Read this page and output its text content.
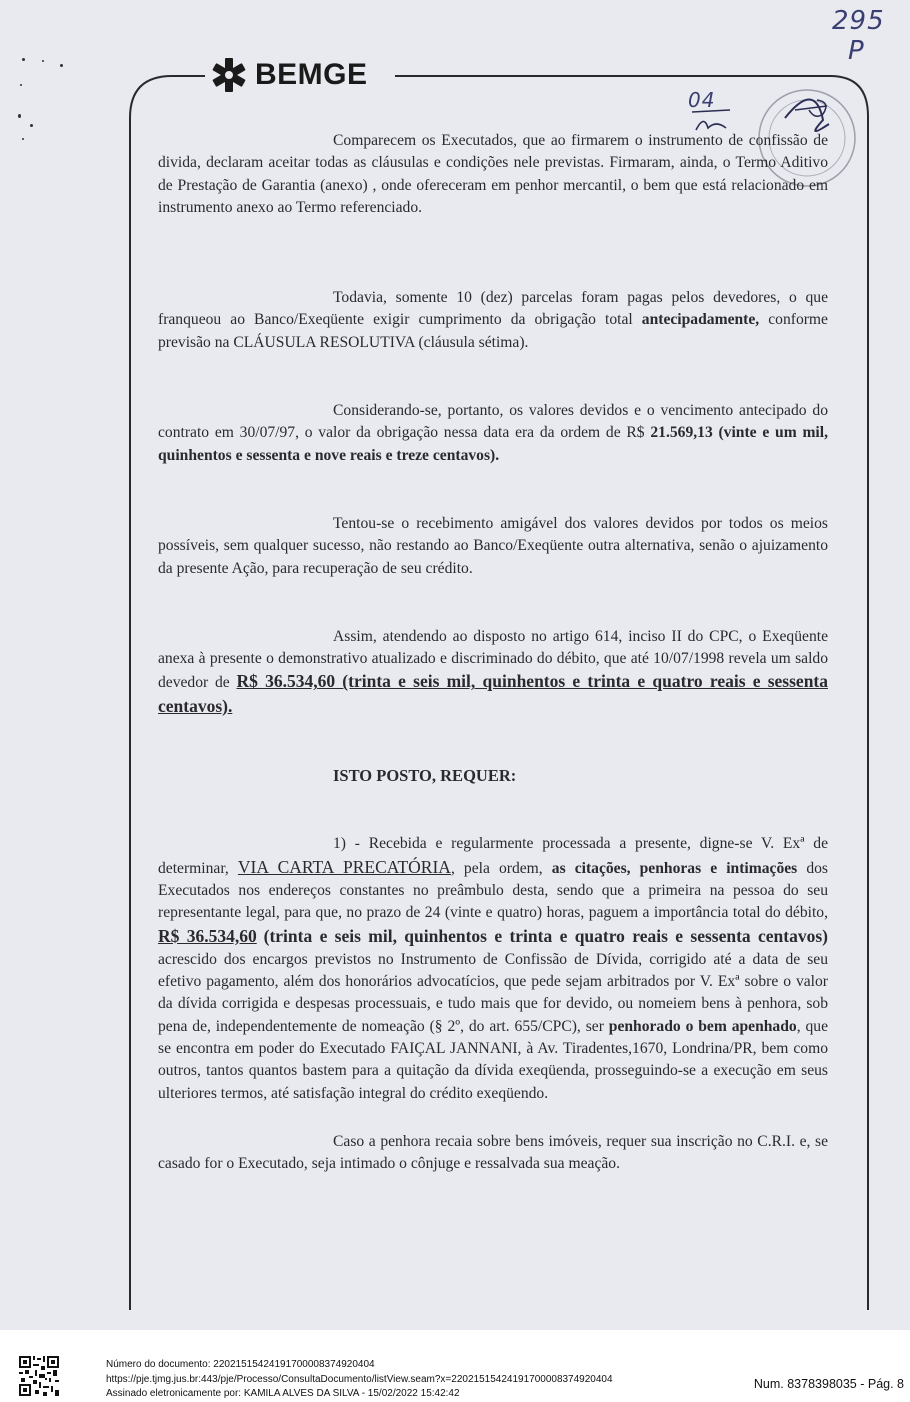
295
P
BEMGE
04

Comparecem os Executados, que ao firmarem o instrumento de confissão de divida, declaram aceitar todas as cláusulas e condições nele previstas. Firmaram, ainda, o Termo Aditivo de Prestação de Garantia (anexo) , onde ofereceram em penhor mercantil, o bem que está relacionado em instrumento anexo ao Termo referenciado.

Todavia, somente 10 (dez) parcelas foram pagas pelos devedores, o que franqueou ao Banco/Exeqüente exigir cumprimento da obrigação total antecipadamente, conforme previsão na CLÁUSULA RESOLUTIVA (cláusula sétima).

Considerando-se, portanto, os valores devidos e o vencimento antecipado do contrato em 30/07/97, o valor da obrigação nessa data era da ordem de R$ 21.569,13 (vinte e um mil, quinhentos e sessenta e nove reais e treze centavos).

Tentou-se o recebimento amigável dos valores devidos por todos os meios possíveis, sem qualquer sucesso, não restando ao Banco/Exeqüente outra alternativa, senão o ajuizamento da presente Ação, para recuperação de seu crédito.

Assim, atendendo ao disposto no artigo 614, inciso II do CPC, o Exeqüente anexa à presente o demonstrativo atualizado e discriminado do débito, que até 10/07/1998 revela um saldo devedor de R$ 36.534,60 (trinta e seis mil, quinhentos e trinta e quatro reais e sessenta centavos).

ISTO POSTO, REQUER:

1) - Recebida e regularmente processada a presente, digne-se V. Exª de determinar, VIA CARTA PRECATÓRIA, pela ordem, as citações, penhoras e intimações dos Executados nos endereços constantes no preâmbulo desta, sendo que a primeira na pessoa do seu representante legal, para que, no prazo de 24 (vinte e quatro) horas, paguem a importância total do débito, R$ 36.534,60 (trinta e seis mil, quinhentos e trinta e quatro reais e sessenta centavos) acrescido dos encargos previstos no Instrumento de Confissão de Dívida, corrigido até a data de seu efetivo pagamento, além dos honorários advocatícios, que pede sejam arbitrados por V. Exª sobre o valor da dívida corrigida e despesas processuais, e tudo mais que for devido, ou nomeiem bens à penhora, sob pena de, independentemente de nomeação (§ 2º, do art. 655/CPC), ser penhorado o bem apenhado, que se encontra em poder do Executado FAIÇAL JANNANI, à Av. Tiradentes,1670, Londrina/PR, bem como outros, tantos quantos bastem para a quitação da dívida exeqüenda, prosseguindo-se a execução em seus ulteriores termos, até satisfação integral do crédito exeqüendo.

Caso a penhora recaia sobre bens imóveis, requer sua inscrição no C.R.I. e, se casado for o Executado, seja intimado o cônjuge e ressalvada sua meação.

Número do documento: 22021515424191700008374920404
https://pje.tjmg.jus.br:443/pje/Processo/ConsultaDocumento/listView.seam?x=22021515424191700008374920404
Assinado eletronicamente por: KAMILA ALVES DA SILVA - 15/02/2022 15:42:42
Num. 8378398035 - Pág. 8
